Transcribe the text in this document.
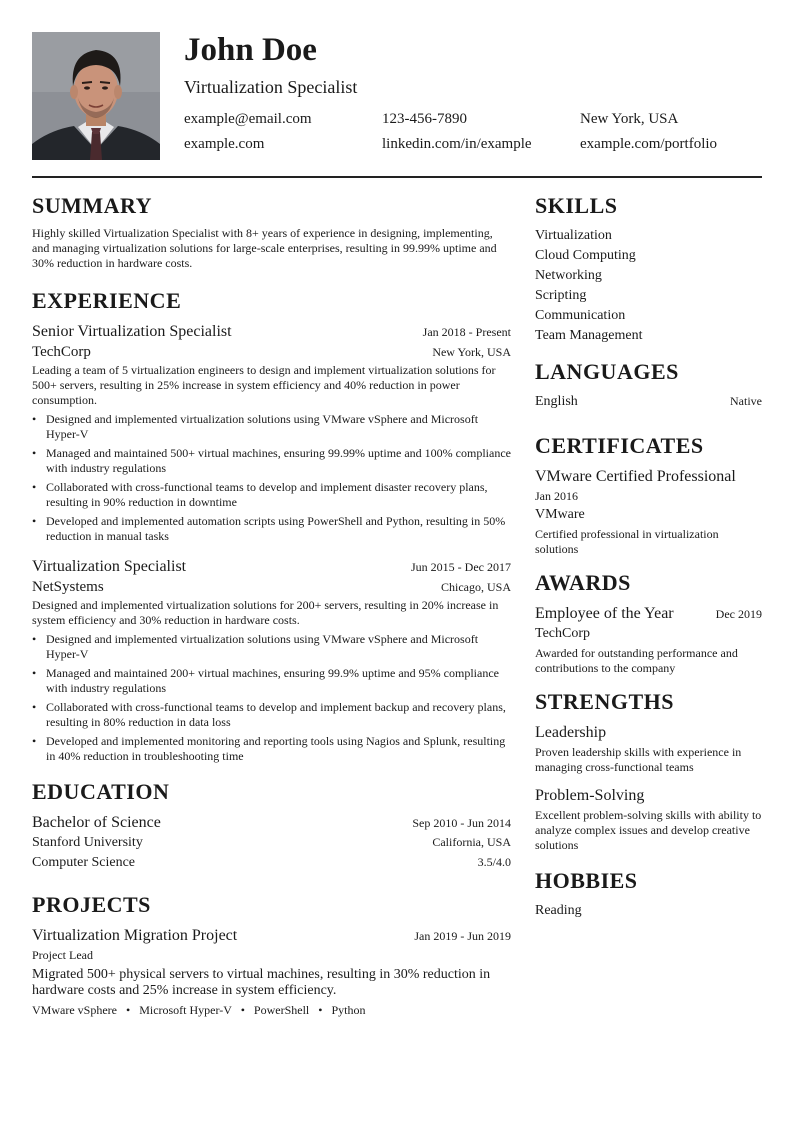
John Doe
Virtualization Specialist
example@email.com	123-456-7890	New York, USA
example.com	linkedin.com/in/example	example.com/portfolio
SUMMARY
Highly skilled Virtualization Specialist with 8+ years of experience in designing, implementing, and managing virtualization solutions for large-scale enterprises, resulting in 99.99% uptime and 30% reduction in hardware costs.
EXPERIENCE
Senior Virtualization Specialist	Jan 2018 - Present
TechCorp	New York, USA
Leading a team of 5 virtualization engineers to design and implement virtualization solutions for 500+ servers, resulting in 25% increase in system efficiency and 40% reduction in power consumption.
• Designed and implemented virtualization solutions using VMware vSphere and Microsoft Hyper-V
• Managed and maintained 500+ virtual machines, ensuring 99.99% uptime and 100% compliance with industry regulations
• Collaborated with cross-functional teams to develop and implement disaster recovery plans, resulting in 90% reduction in downtime
• Developed and implemented automation scripts using PowerShell and Python, resulting in 50% reduction in manual tasks
Virtualization Specialist	Jun 2015 - Dec 2017
NetSystems	Chicago, USA
Designed and implemented virtualization solutions for 200+ servers, resulting in 20% increase in system efficiency and 30% reduction in hardware costs.
• Designed and implemented virtualization solutions using VMware vSphere and Microsoft Hyper-V
• Managed and maintained 200+ virtual machines, ensuring 99.9% uptime and 95% compliance with industry regulations
• Collaborated with cross-functional teams to develop and implement backup and recovery plans, resulting in 80% reduction in data loss
• Developed and implemented monitoring and reporting tools using Nagios and Splunk, resulting in 40% reduction in troubleshooting time
EDUCATION
Bachelor of Science	Sep 2010 - Jun 2014
Stanford University	California, USA
Computer Science	3.5/4.0
PROJECTS
Virtualization Migration Project	Jan 2019 - Jun 2019
Project Lead
Migrated 500+ physical servers to virtual machines, resulting in 30% reduction in hardware costs and 25% increase in system efficiency.
VMware vSphere • Microsoft Hyper-V • PowerShell • Python
SKILLS
Virtualization
Cloud Computing
Networking
Scripting
Communication
Team Management
LANGUAGES
English	Native
CERTIFICATES
VMware Certified Professional
Jan 2016
VMware
Certified professional in virtualization solutions
AWARDS
Employee of the Year	Dec 2019
TechCorp
Awarded for outstanding performance and contributions to the company
STRENGTHS
Leadership
Proven leadership skills with experience in managing cross-functional teams
Problem-Solving
Excellent problem-solving skills with ability to analyze complex issues and develop creative solutions
HOBBIES
Reading
